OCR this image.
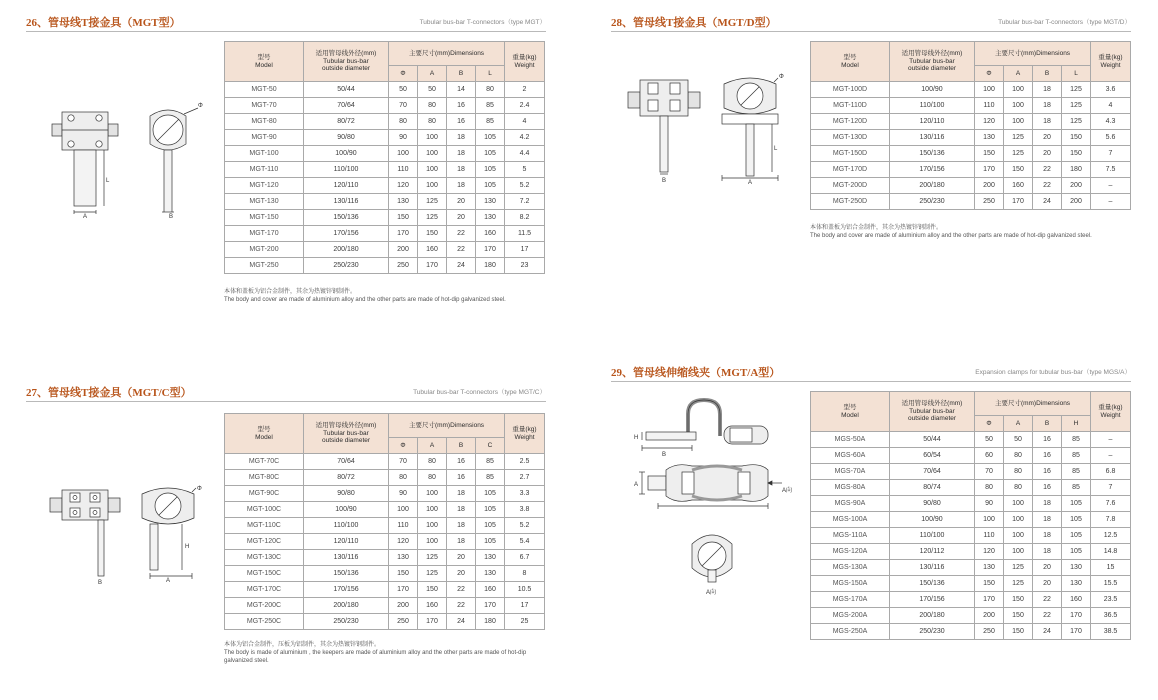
26、管母线T接金具（MGT型）	Tubular bus-bar T-connectors（type MGT）
Φ
A	B
L
型号
Model	适用管母线外径(mm)
Tubular bus-bar
outside diameter	主要尺寸(mm)Dimensions				重量(kg)
Weight
		Φ	A	B	L	
MGT-50	50/44	50	50	14	80	2
MGT-70	70/64	70	80	16	85	2.4
MGT-80	80/72	80	80	16	85	4
MGT-90	90/80	90	100	18	105	4.2
MGT-100	100/90	100	100	18	105	4.4
MGT-110	110/100	110	100	18	105	5
MGT-120	120/110	120	100	18	105	5.2
MGT-130	130/116	130	125	20	130	7.2
MGT-150	150/136	150	125	20	130	8.2
MGT-170	170/156	170	150	22	160	11.5
MGT-200	200/180	200	160	22	170	17
MGT-250	250/230	250	170	24	180	23
本体和盖板为铝合金制件，其余为热镀锌钢制件。
The body and cover are made of aluminium alloy and the other parts are made of hot-dip galvanized steel.
27、管母线T接金具（MGT/C型）	Tubular bus-bar T-connectors（type MGT/C）
Φ
A
B
H
型号
Model	适用管母线外径(mm)
Tubular bus-bar
outside diameter	主要尺寸(mm)Dimensions				重量(kg)
Weight
		Φ	A	B	C	
MGT-70C	70/64	70	80	16	85	2.5
MGT-80C	80/72	80	80	16	85	2.7
MGT-90C	90/80	90	100	18	105	3.3
MGT-100C	100/90	100	100	18	105	3.8
MGT-110C	110/100	110	100	18	105	5.2
MGT-120C	120/110	120	100	18	105	5.4
MGT-130C	130/116	130	125	20	130	6.7
MGT-150C	150/136	150	125	20	130	8
MGT-170C	170/156	170	150	22	160	10.5
MGT-200C	200/180	200	160	22	170	17
MGT-250C	250/230	250	170	24	180	25
本体为铝合金制件，压板为铝制件，其余为热镀锌钢制件。
The body is made of aluminium , the keepers are made of aluminium alloy and the other parts are made of hot-dip galvanized steel.
28、管母线T接金具（MGT/D型）	Tubular bus-bar T-connectors（type MGT/D）
Φ
A
B
L
型号
Model	适用管母线外径(mm)
Tubular bus-bar
outside diameter	主要尺寸(mm)Dimensions				重量(kg)
Weight
		Φ	A	B	L	
MGT-100D	100/90	100	100	18	125	3.6
MGT-110D	110/100	110	100	18	125	4
MGT-120D	120/110	120	100	18	125	4.3
MGT-130D	130/116	130	125	20	150	5.6
MGT-150D	150/136	150	125	20	150	7
MGT-170D	170/156	170	150	22	180	7.5
MGT-200D	200/180	200	160	22	200	–
MGT-250D	250/230	250	170	24	200	–
本体和盖板为铝合金制件，其余为热镀锌钢制件。
The body and cover are made of aluminium alloy and the other parts are made of hot-dip galvanized steel.
29、管母线伸缩线夹（MGT/A型）	Expansion clamps for tubular bus-bar（type MGS/A）
H
B
A
A向
A向
型号
Model	适用管母线外径(mm)
Tubular bus-bar
outside diameter	主要尺寸(mm)Dimensions				重量(kg)
Weight
		Φ	A	B	H	
MGS-50A	50/44	50	50	16	85	–
MGS-60A	60/54	60	80	16	85	–
MGS-70A	70/64	70	80	16	85	6.8
MGS-80A	80/74	80	80	16	85	7
MGS-90A	90/80	90	100	18	105	7.6
MGS-100A	100/90	100	100	18	105	7.8
MGS-110A	110/100	110	100	18	105	12.5
MGS-120A	120/112	120	100	18	105	14.8
MGS-130A	130/116	130	125	20	130	15
MGS-150A	150/136	150	125	20	130	15.5
MGS-170A	170/156	170	150	22	160	23.5
MGS-200A	200/180	200	150	22	170	36.5
MGS-250A	250/230	250	150	24	170	38.5
